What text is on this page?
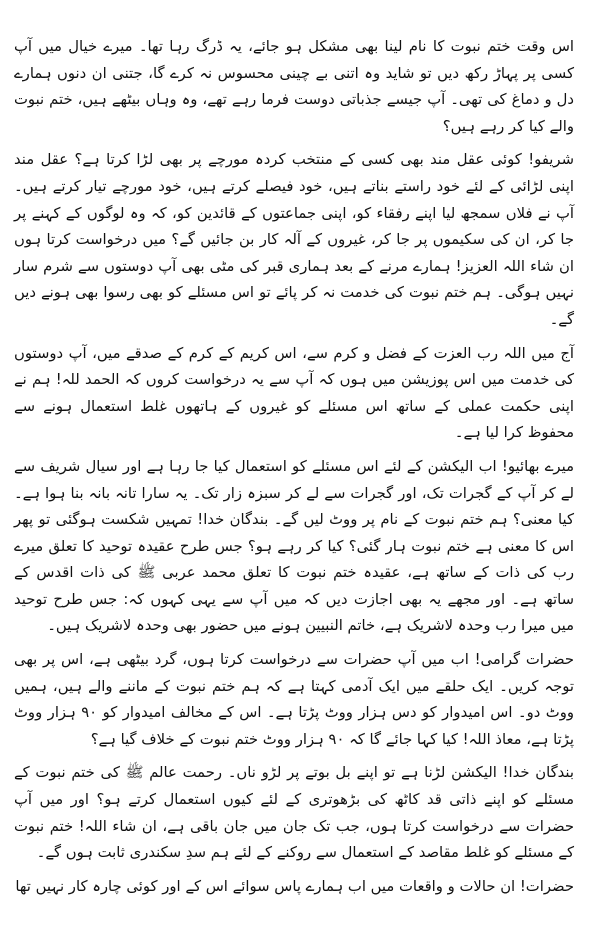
اس وقت ختم نبوت کا نام لینا بھی مشکل ہو جائے، یہ ڈرگ رہا تھا۔ میرے خیال میں آپ کسی پر پہاڑ رکھ دیں تو شاید وہ اتنی بے چینی محسوس نہ کرے گا، جتنی ان دنوں ہمارے دل و دماغ کی تھی۔ آپ جیسے جذباتی دوست فرما رہے تھے، وہ وہاں بیٹھے ہیں، ختم نبوت والے کیا کر رہے ہیں؟

شریفو! کوئی عقل مند بھی کسی کے منتخب کردہ مورچے پر بھی لڑا کرتا ہے؟ عقل مند اپنی لڑائی کے لئے خود راستے بناتے ہیں، خود فیصلے کرتے ہیں، خود مورچے تیار کرتے ہیں۔ آپ نے فلاں سمجھ لیا اپنے رفقاء کو، اپنی جماعتوں کے قائدین کو، کہ وہ لوگوں کے کہنے پر جا کر، ان کی سکیموں پر جا کر، غیروں کے آلہ کار بن جائیں گے؟ میں درخواست کرتا ہوں ان شاء اللہ العزیز! ہمارے مرنے کے بعد ہماری قبر کی مٹی بھی آپ دوستوں سے شرم سار نہیں ہوگی۔ ہم ختم نبوت کی خدمت نہ کر پائے تو اس مسئلے کو بھی رسوا بھی ہونے دیں گے۔

آج میں اللہ رب العزت کے فضل و کرم سے، اس کریم کے کرم کے صدقے میں، آپ دوستوں کی خدمت میں اس پوزیشن میں ہوں کہ آپ سے یہ درخواست کروں کہ الحمد للہ! ہم نے اپنی حکمت عملی کے ساتھ اس مسئلے کو غیروں کے ہاتھوں غلط استعمال ہونے سے محفوظ کرا لیا ہے۔

میرے بھائیو! اب الیکشن کے لئے اس مسئلے کو استعمال کیا جا رہا ہے اور سیال شریف سے لے کر آپ کے گجرات تک، اور گجرات سے لے کر سبزہ زار تک۔ یہ سارا تانہ بانہ بنا ہوا ہے۔ کیا معنی؟ ہم ختم نبوت کے نام پر ووٹ لیں گے۔ بندگان خدا! تمہیں شکست ہوگئی تو پھر اس کا معنی ہے ختم نبوت ہار گئی؟ کیا کر رہے ہو؟ جس طرح عقیدہ توحید کا تعلق میرے رب کی ذات کے ساتھ ہے، عقیدہ ختم نبوت کا تعلق محمد عربی ﷺ کی ذات اقدس کے ساتھ ہے۔ اور مجھے یہ بھی اجازت دیں کہ میں آپ سے یہی کہوں کہ: جس طرح توحید میں میرا رب وحدہ لاشریک ہے، خاتم النبیین ہونے میں حضور بھی وحدہ لاشریک ہیں۔

حضرات گرامی! اب میں آپ حضرات سے درخواست کرتا ہوں، گرد بیٹھی ہے، اس پر بھی توجہ کریں۔ ایک حلقے میں ایک آدمی کہتا ہے کہ ہم ختم نبوت کے ماننے والے ہیں، ہمیں ووٹ دو۔ اس امیدوار کو دس ہزار ووٹ پڑتا ہے۔ اس کے مخالف امیدوار کو ۹۰ ہزار ووٹ پڑتا ہے، معاذ اللہ! کیا کہا جائے گا کہ ۹۰ ہزار ووٹ ختم نبوت کے خلاف گیا ہے؟

بندگان خدا! الیکشن لڑنا ہے تو اپنے بل بوتے پر لڑو ناں۔ رحمت عالم ﷺ کی ختم نبوت کے مسئلے کو اپنے ذاتی قد کاٹھ کی بڑھوتری کے لئے کیوں استعمال کرتے ہو؟ اور میں آپ حضرات سے درخواست کرتا ہوں، جب تک جان میں جان باقی ہے، ان شاء اللہ! ختم نبوت کے مسئلے کو غلط مقاصد کے استعمال سے روکنے کے لئے ہم سدِ سکندری ثابت ہوں گے۔

حضرات! ان حالات و واقعات میں اب ہمارے پاس سوائے اس کے اور کوئی چارہ کار نہیں تھا
